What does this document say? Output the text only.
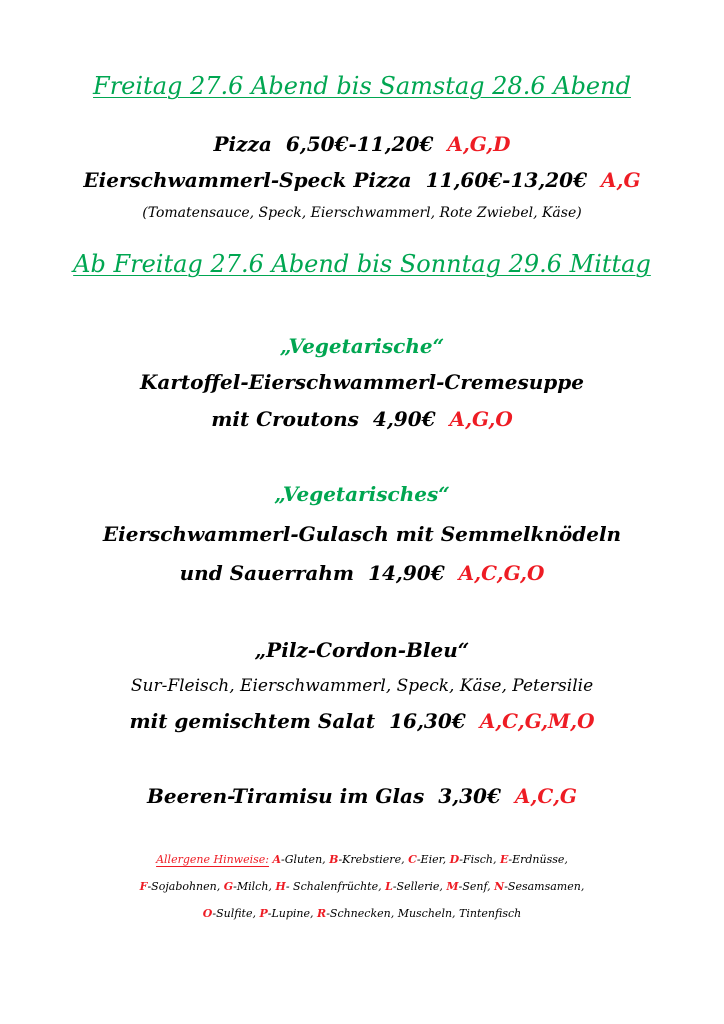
Freitag 27.6 Abend bis Samstag 28.6 Abend
Pizza 6,50€-11,20€ A,G,D
Eierschwammerl-Speck Pizza 11,60€-13,20€ A,G
(Tomatensauce, Speck, Eierschwammerl, Rote Zwiebel, Käse)
Ab Freitag 27.6 Abend bis Sonntag 29.6 Mittag
„Vegetarische“
Kartoffel-Eierschwammerl-Cremesuppe
mit Croutons 4,90€ A,G,O
„Vegetarisches“
Eierschwammerl-Gulasch mit Semmelknödeln
und Sauerrahm 14,90€ A,C,G,O
„Pilz-Cordon-Bleu“
Sur-Fleisch, Eierschwammerl, Speck, Käse, Petersilie
mit gemischtem Salat 16,30€ A,C,G,M,O
Beeren-Tiramisu im Glas 3,30€ A,C,G
Allergene Hinweise: A-Gluten, B-Krebstiere, C-Eier, D-Fisch, E-Erdnüsse,
F-Sojabohnen, G-Milch, H- Schalenfrüchte, L-Sellerie, M-Senf, N-Sesamsamen,
O-Sulfite, P-Lupine, R-Schnecken, Muscheln, Tintenfisch
